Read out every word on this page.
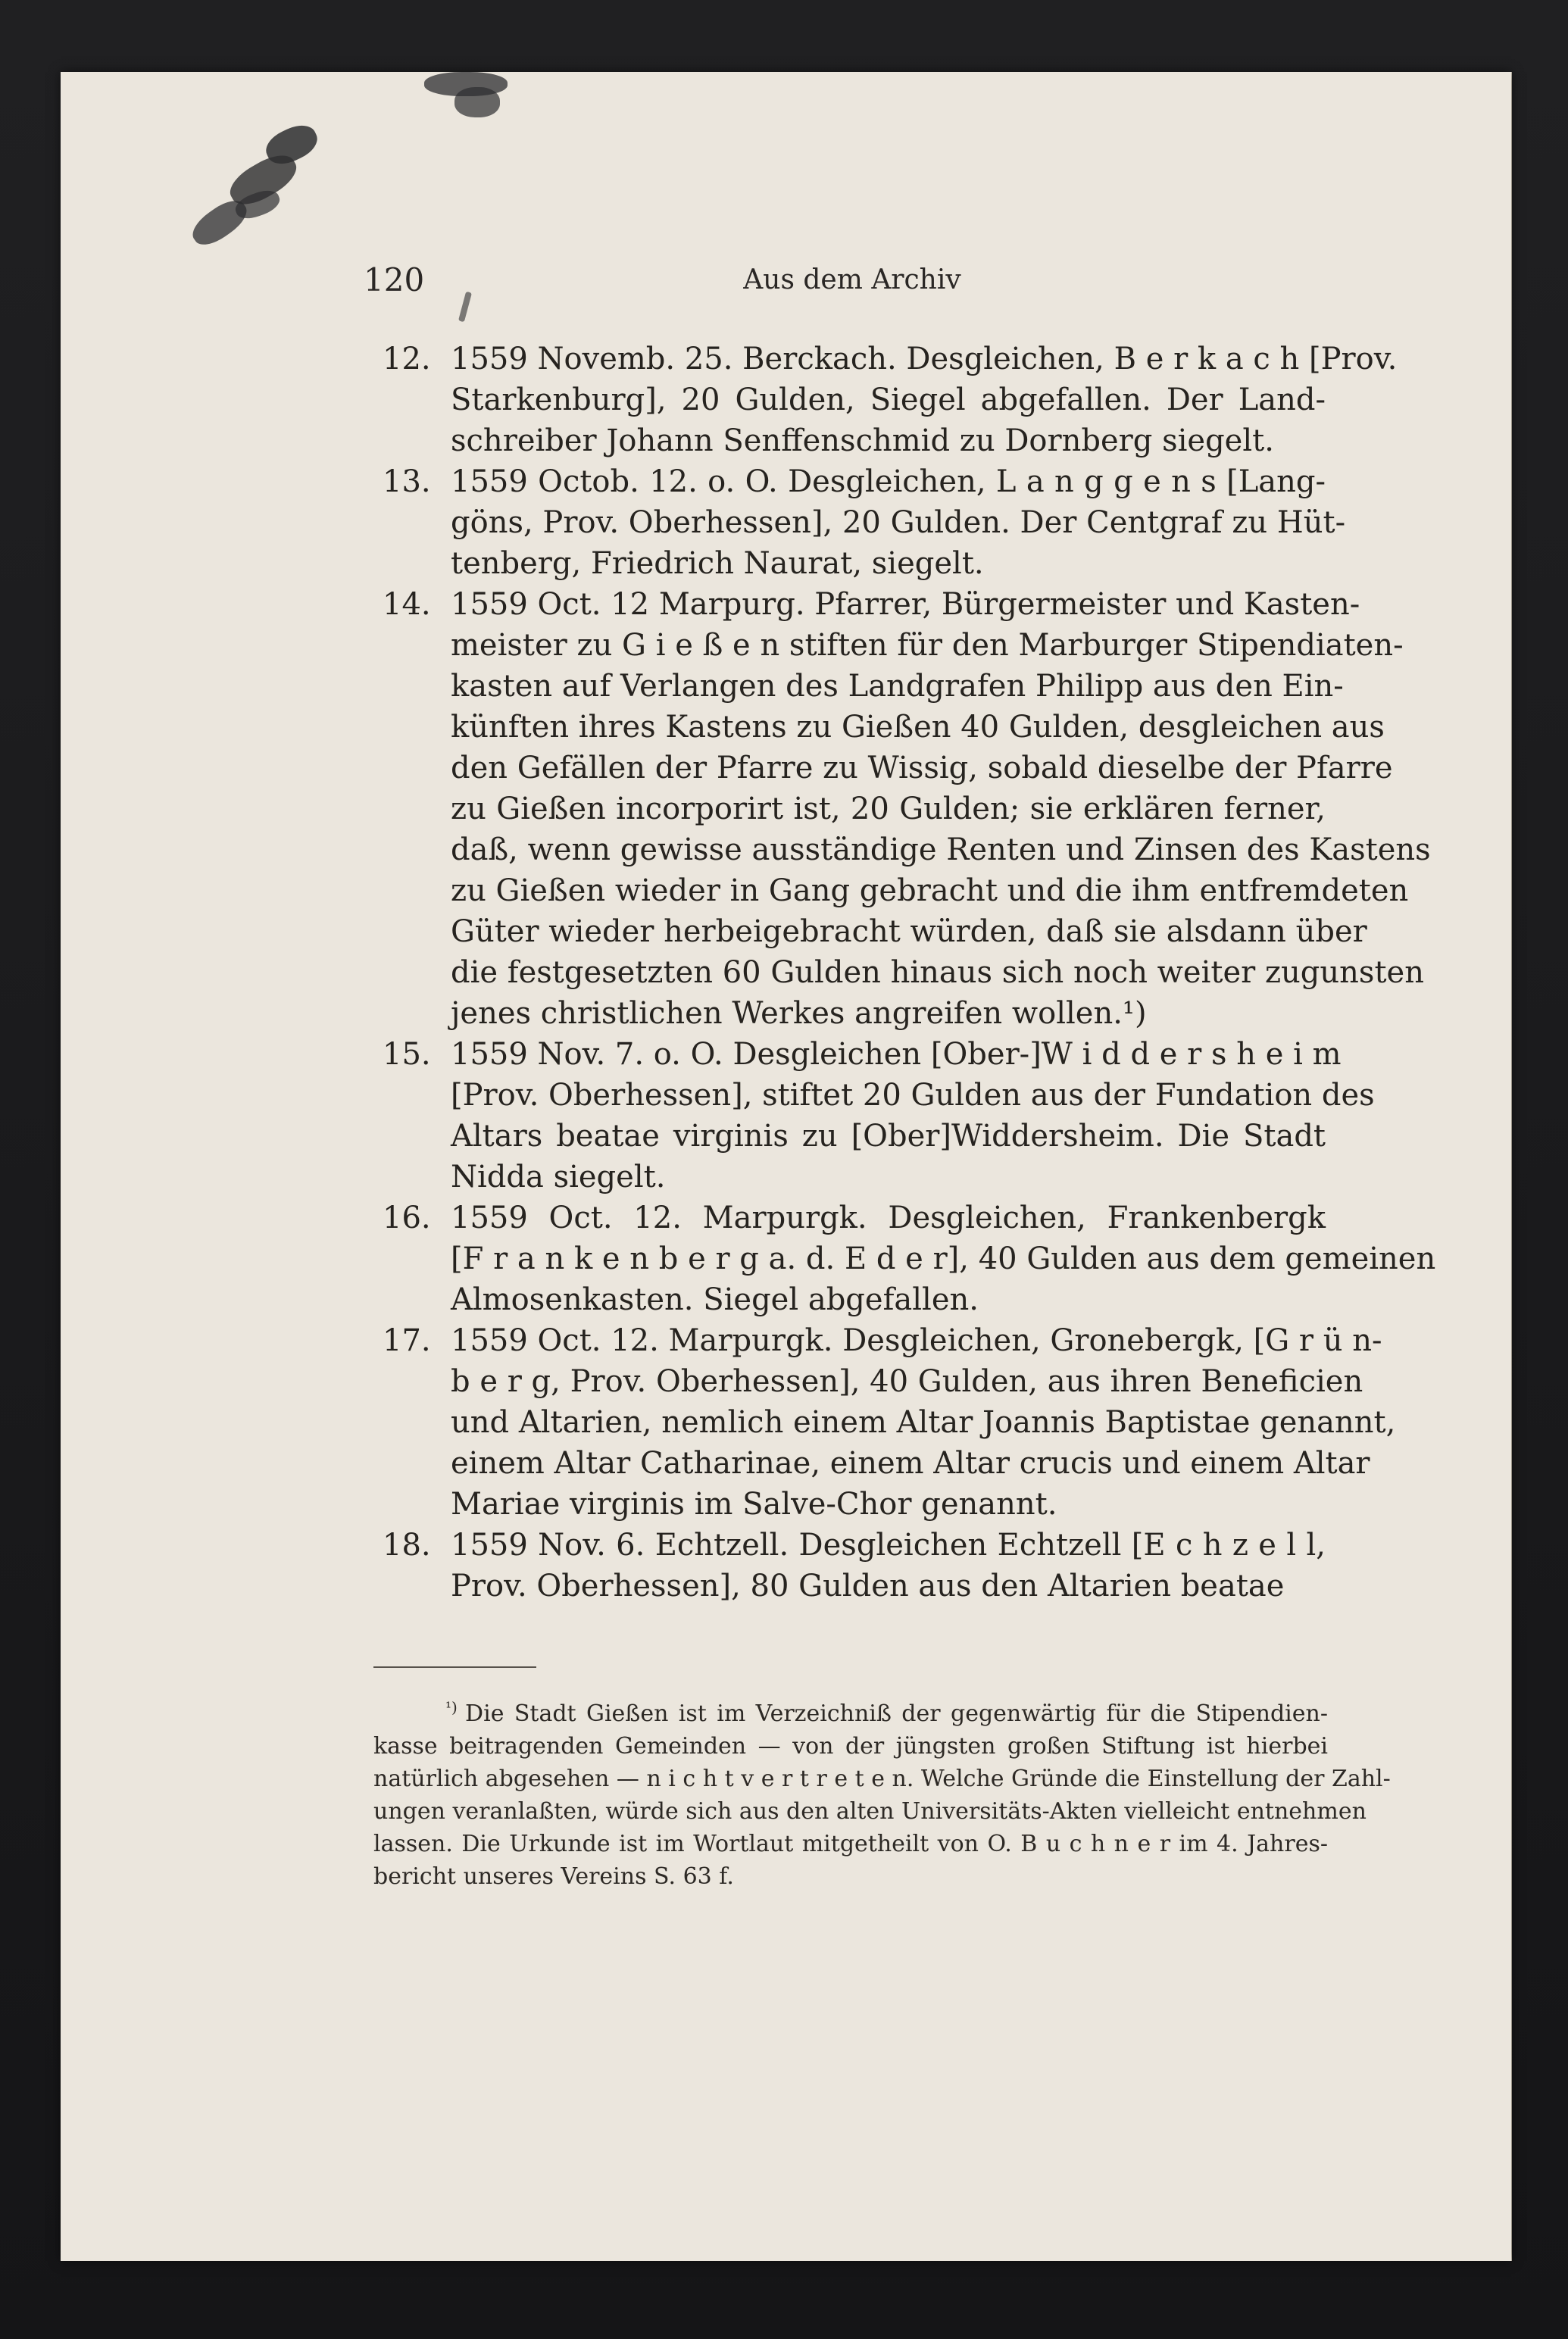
120	Aus dem Archiv
12. 1559 Novemb. 25. Berckach. Desgleichen, B e r k a c h [Prov.
Starkenburg], 20 Gulden, Siegel abgefallen. Der Land-
schreiber Johann Senffenschmid zu Dornberg siegelt.
13. 1559 Octob. 12. o. O. Desgleichen, L a n g g e n s [Lang-
göns, Prov. Oberhessen], 20 Gulden. Der Centgraf zu Hüt-
tenberg, Friedrich Naurat, siegelt.
14. 1559 Oct. 12 Marpurg. Pfarrer, Bürgermeister und Kasten-
meister zu G i e ß e n stiften für den Marburger Stipendiaten-
kasten auf Verlangen des Landgrafen Philipp aus den Ein-
künften ihres Kastens zu Gießen 40 Gulden, desgleichen aus
den Gefällen der Pfarre zu Wissig, sobald dieselbe der Pfarre
zu Gießen incorporirt ist, 20 Gulden; sie erklären ferner,
daß, wenn gewisse ausständige Renten und Zinsen des Kastens
zu Gießen wieder in Gang gebracht und die ihm entfremdeten
Güter wieder herbeigebracht würden, daß sie alsdann über
die festgesetzten 60 Gulden hinaus sich noch weiter zugunsten
jenes christlichen Werkes angreifen wollen.¹)
15. 1559 Nov. 7. o. O. Desgleichen [Ober-]W i d d e r s h e i m
[Prov. Oberhessen], stiftet 20 Gulden aus der Fundation des
Altars beatae virginis zu [Ober]Widdersheim. Die Stadt
Nidda siegelt.
16. 1559 Oct. 12. Marpurgk. Desgleichen, Frankenbergk
[F r a n k e n b e r g a. d. E d e r], 40 Gulden aus dem gemeinen
Almosenkasten. Siegel abgefallen.
17. 1559 Oct. 12. Marpurgk. Desgleichen, Gronebergk, [G r ü n-
b e r g, Prov. Oberhessen], 40 Gulden, aus ihren Beneficien
und Altarien, nemlich einem Altar Joannis Baptistae genannt,
einem Altar Catharinae, einem Altar crucis und einem Altar
Mariae virginis im Salve-Chor genannt.
18. 1559 Nov. 6. Echtzell. Desgleichen Echtzell [E c h z e l l,
Prov. Oberhessen], 80 Gulden aus den Altarien beatae
$^{^1)}$ Die Stadt Gießen ist im Verzeichniß der gegenwärtig für die Stipendien-
kasse beitragenden Gemeinden — von der jüngsten großen Stiftung ist hierbei
natürlich abgesehen — n i c h t v e r t r e t e n. Welche Gründe die Einstellung der Zahl-
ungen veranlaßten, würde sich aus den alten Universitäts-Akten vielleicht entnehmen
lassen. Die Urkunde ist im Wortlaut mitgetheilt von O. B u c h n e r im 4. Jahres-
bericht unseres Vereins S. 63 f.
